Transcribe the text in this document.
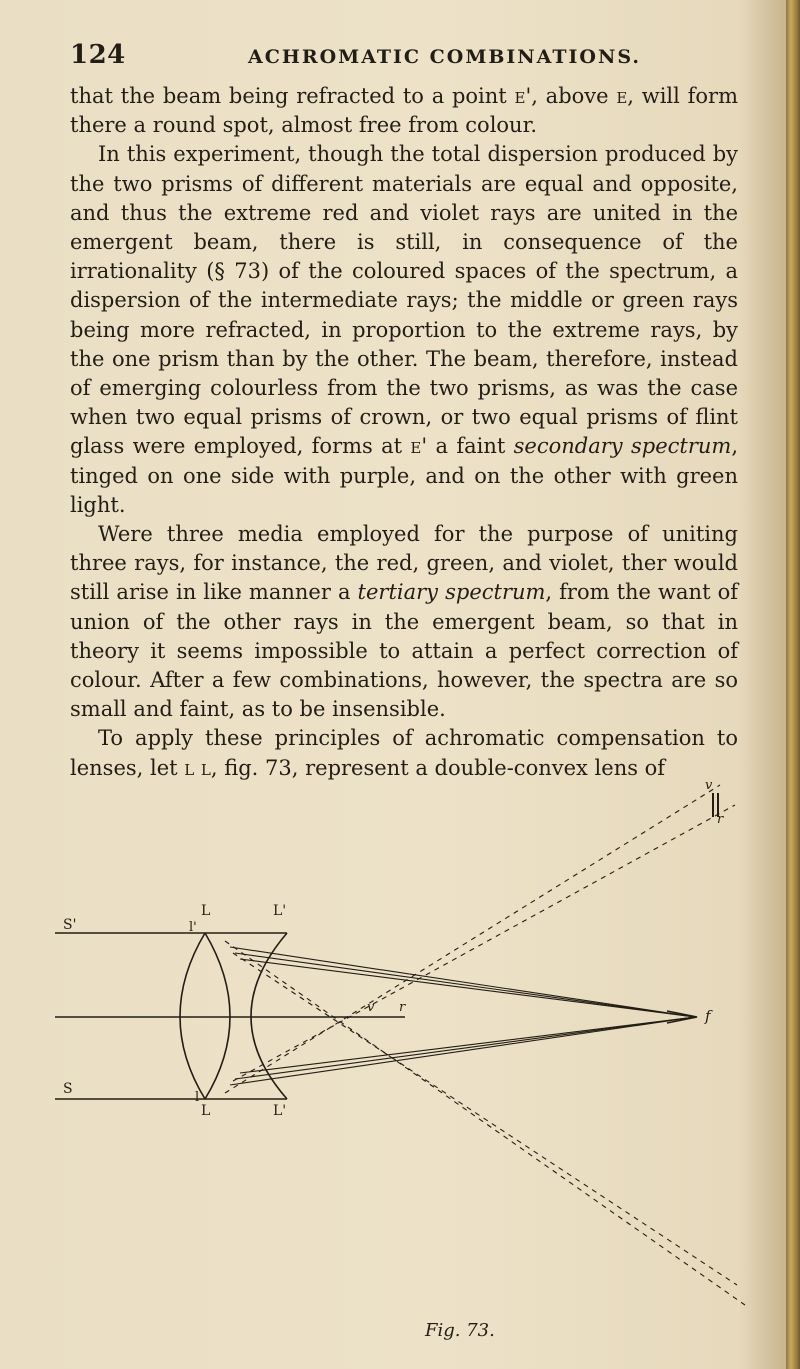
124	ACHROMATIC COMBINATIONS.

that the beam being refracted to a point e', above e, will form there a round spot, almost free from colour.

In this experiment, though the total dispersion produced by the two prisms of different materials are equal and opposite, and thus the extreme red and violet rays are united in the emergent beam, there is still, in consequence of the irrationality (§ 73) of the coloured spaces of the spectrum, a dispersion of the intermediate rays; the middle or green rays being more refracted, in proportion to the extreme rays, by the one prism than by the other. The beam, therefore, instead of emerging colourless from the two prisms, as was the case when two equal prisms of crown, or two equal prisms of flint glass were employed, forms at e' a faint secondary spectrum, tinged on one side with purple, and on the other with green light.

Were three media employed for the purpose of uniting three rays, for instance, the red, green, and violet, ther would still arise in like manner a tertiary spectrum, from the want of union of the other rays in the emergent beam, so that in theory it seems impossible to attain a perfect correction of colour. After a few combinations, however, the spectra are so small and faint, as to be insensible.

To apply these principles of achromatic compensation to lenses, let l l, fig. 73, represent a double-convex lens of

L	L'
L	L'
S'
S
l'
l
v
r
v r	f
Fig. 73.
